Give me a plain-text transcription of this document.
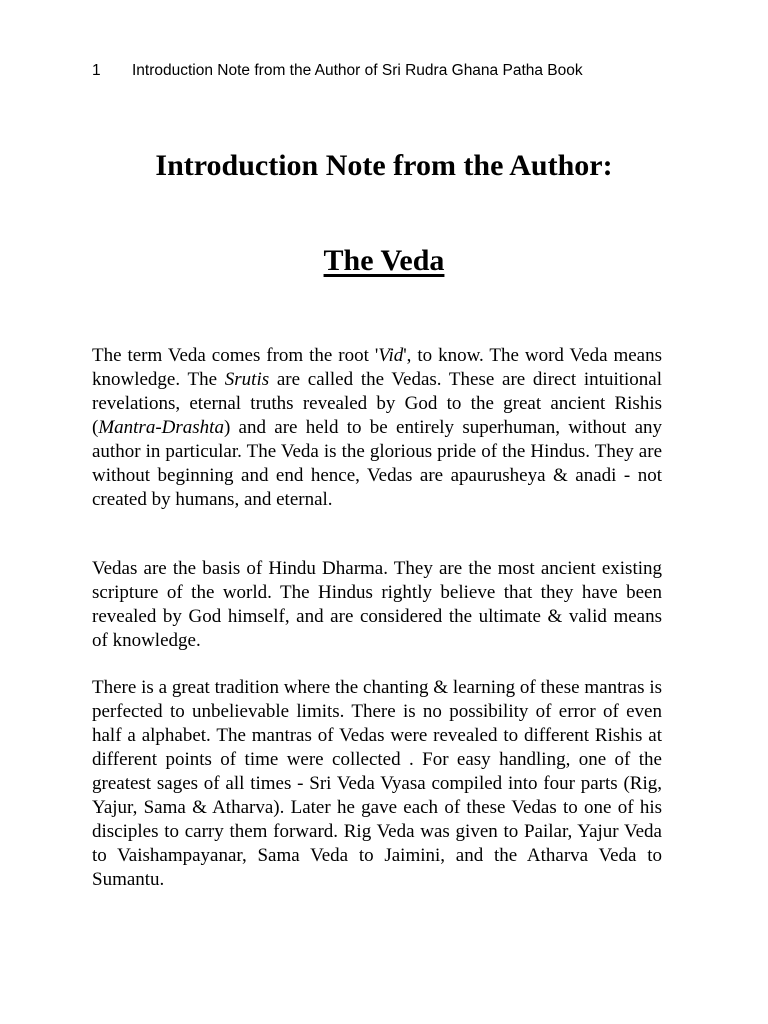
1 Introduction Note from the Author of Sri Rudra Ghana Patha Book
Introduction Note from the Author:
The Veda

The term Veda comes from the root 'Vid', to know. The word Veda means knowledge. The Srutis are called the Vedas. These are direct intuitional revelations, eternal truths revealed by God to the great ancient Rishis (Mantra-Drashta) and are held to be entirely superhuman, without any author in particular. The Veda is the glorious pride of the Hindus. They are without beginning and end hence, Vedas are apaurusheya & anadi - not created by humans, and eternal.

Vedas are the basis of Hindu Dharma. They are the most ancient existing scripture of the world. The Hindus rightly believe that they have been revealed by God himself, and are considered the ultimate & valid means of knowledge.

There is a great tradition where the chanting & learning of these mantras is perfected to unbelievable limits. There is no possibility of error of even half a alphabet. The mantras of Vedas were revealed to different Rishis at different points of time were collected . For easy handling, one of the greatest sages of all times - Sri Veda Vyasa compiled into four parts (Rig, Yajur, Sama & Atharva). Later he gave each of these Vedas to one of his disciples to carry them forward. Rig Veda was given to Pailar, Yajur Veda to Vaishampayanar, Sama Veda to Jaimini, and the Atharva Veda to Sumantu.
